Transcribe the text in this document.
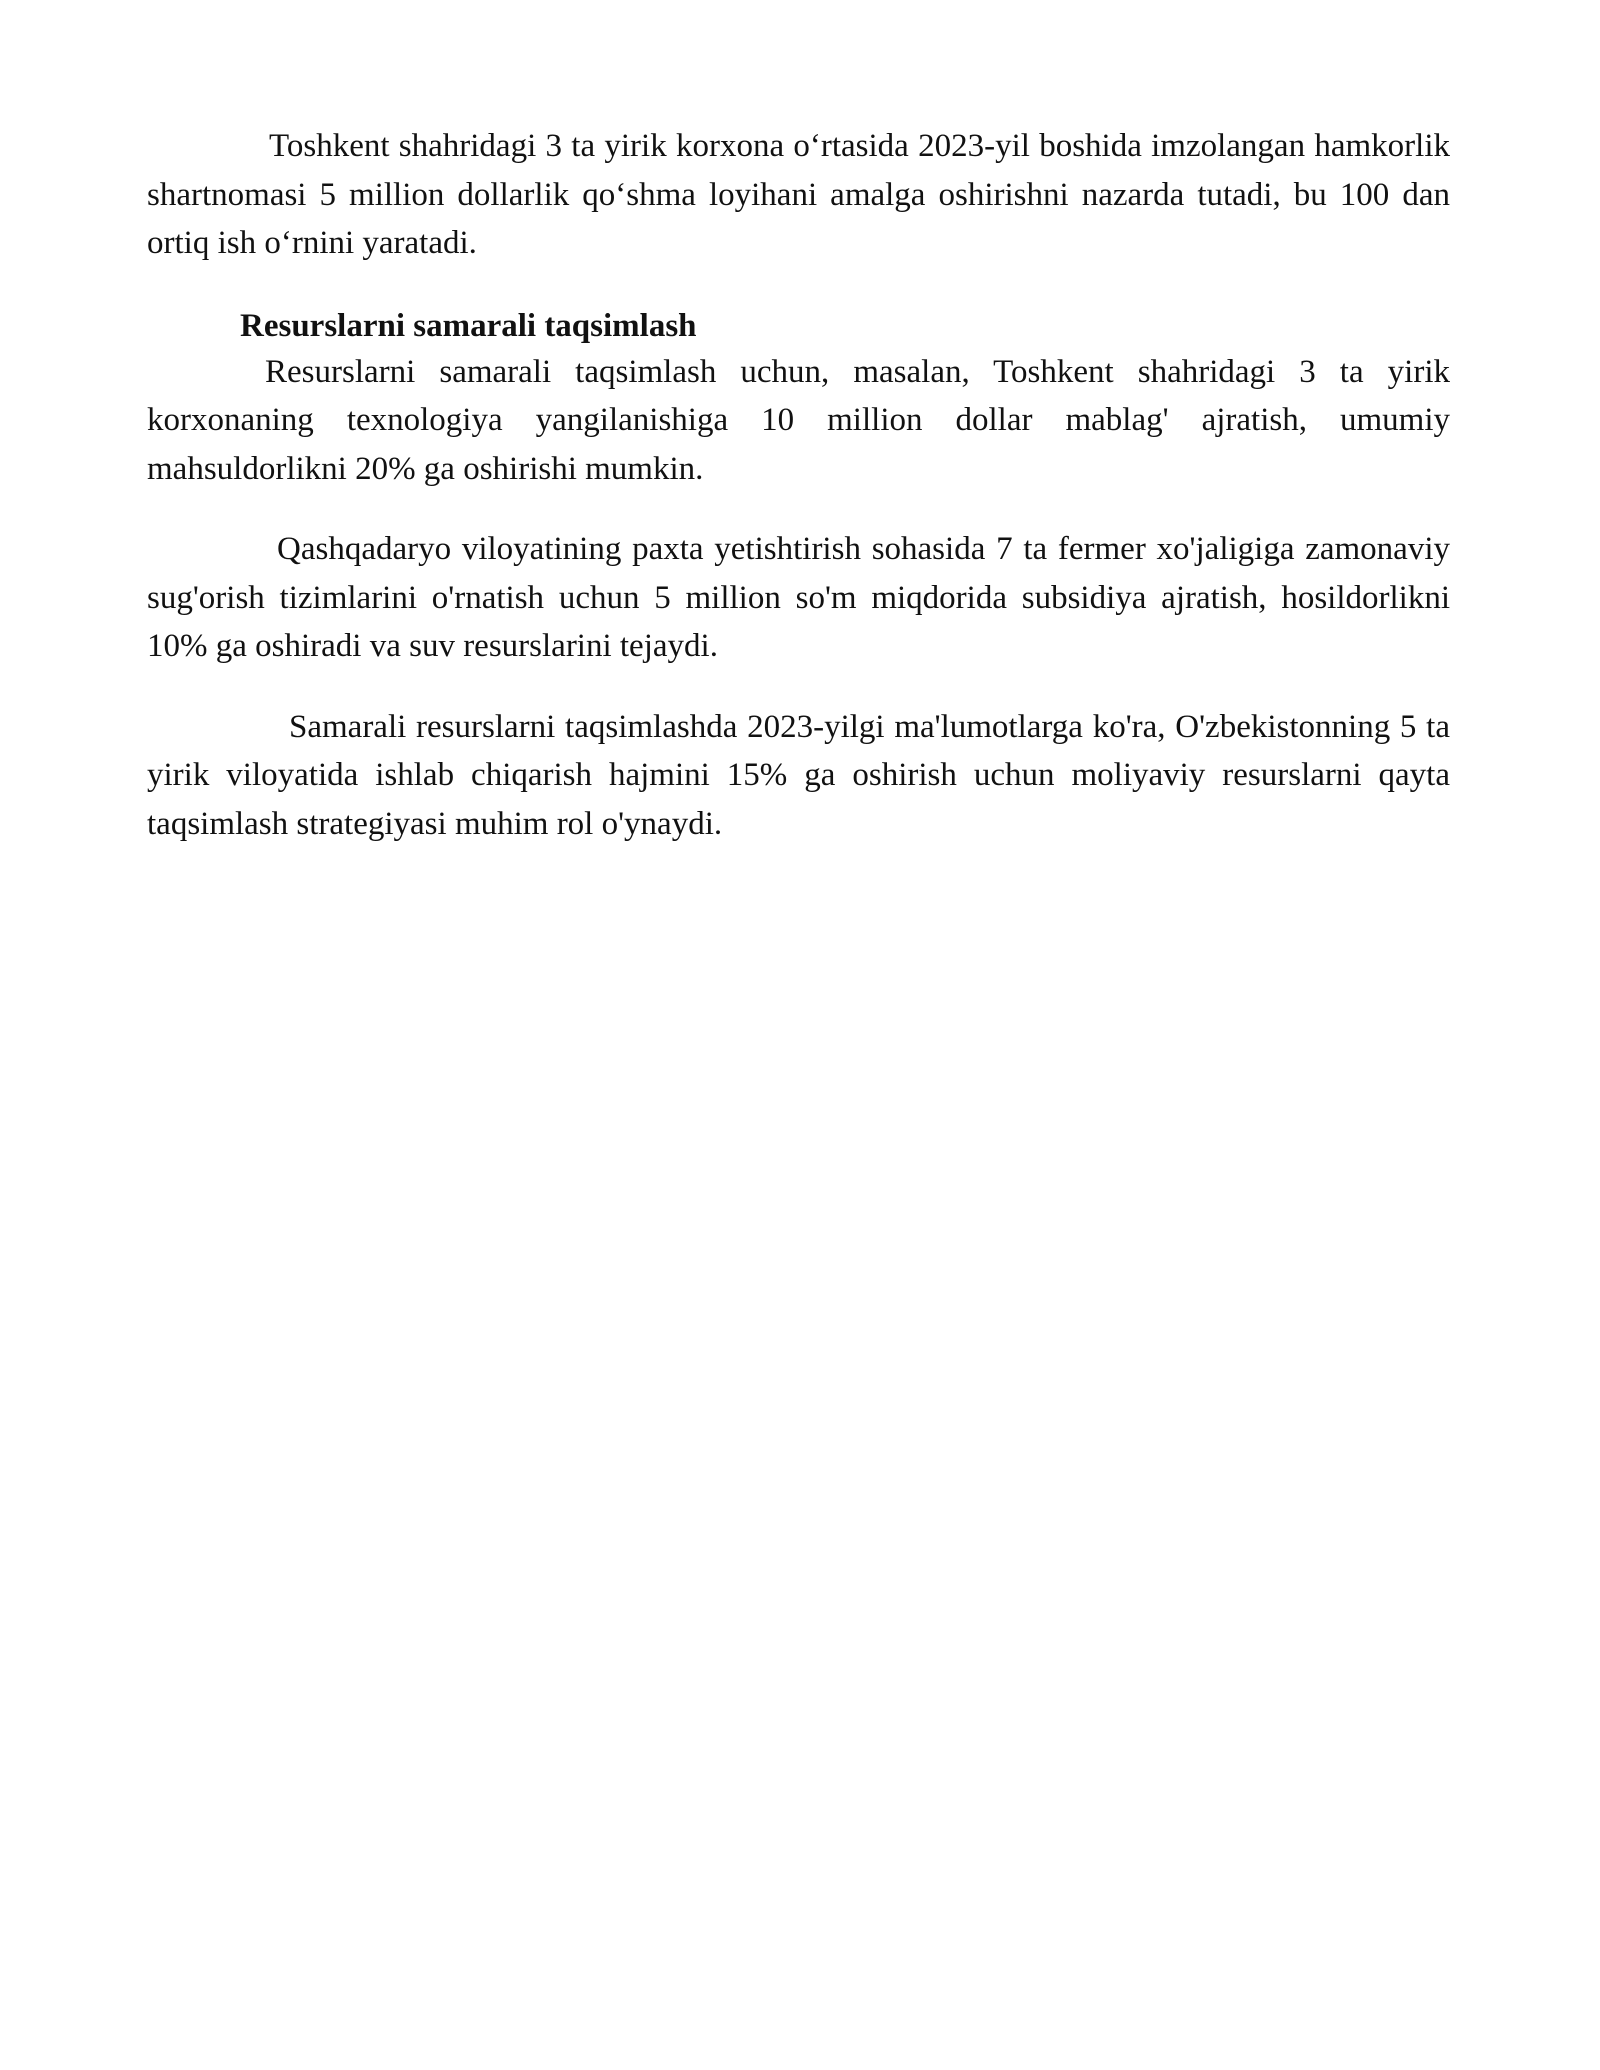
Toshkent shahridagi 3 ta yirik korxona o‘rtasida 2023-yil boshida imzolangan hamkorlik shartnomasi 5 million dollarlik qo‘shma loyihani amalga oshirishni nazarda tutadi, bu 100 dan ortiq ish o‘rnini yaratadi.

Resurslarni samarali taqsimlash

Resurslarni samarali taqsimlash uchun, masalan, Toshkent shahridagi 3 ta yirik korxonaning texnologiya yangilanishiga 10 million dollar mablag' ajratish, umumiy mahsuldorlikni 20% ga oshirishi mumkin.

Qashqadaryo viloyatining paxta yetishtirish sohasida 7 ta fermer xo'jaligiga zamonaviy sug'orish tizimlarini o'rnatish uchun 5 million so'm miqdorida subsidiya ajratish, hosildorlikni 10% ga oshiradi va suv resurslarini tejaydi.

Samarali resurslarni taqsimlashda 2023-yilgi ma'lumotlarga ko'ra, O'zbekistonning 5 ta yirik viloyatida ishlab chiqarish hajmini 15% ga oshirish uchun moliyaviy resurslarni qayta taqsimlash strategiyasi muhim rol o'ynaydi.
